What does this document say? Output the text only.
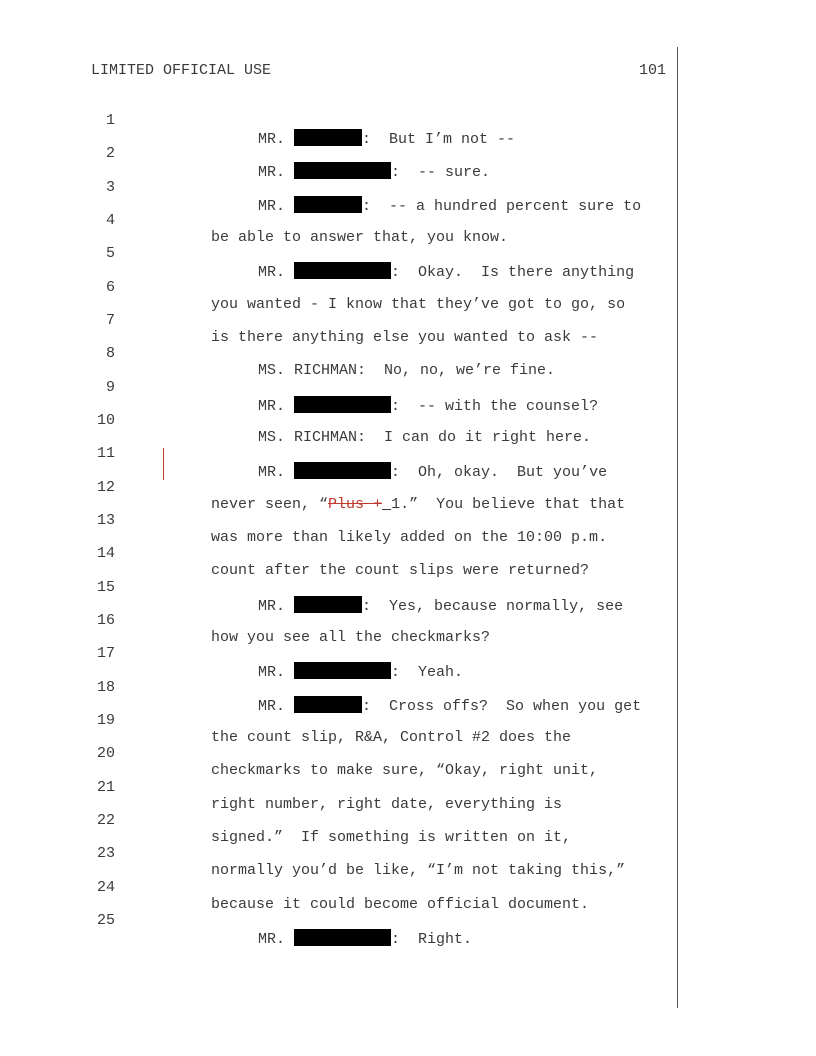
LIMITED OFFICIAL USE	101

1

MR.	:  But I’m not --

2

MR.	:  -- sure.

3

MR.	:  -- a hundred percent sure to

4

be able to answer that, you know.

5

MR.	:  Okay.  Is there anything

6

you wanted - I know that they’ve got to go, so

7

is there anything else you wanted to ask --

8

MS. RICHMAN:  No, no, we’re fine.

9

MR.	:  -- with the counsel?

10

MS. RICHMAN:  I can do it right here.

11

MR.	:  Oh, okay.  But you’ve

12

never seen, “Plus + 1.”  You believe that that

13

was more than likely added on the 10:00 p.m.

14

count after the count slips were returned?

15

MR.	:  Yes, because normally, see

16

how you see all the checkmarks?

17

MR.	:  Yeah.

18

MR.	:  Cross offs?  So when you get

19

the count slip, R&A, Control #2 does the

20

checkmarks to make sure, “Okay, right unit,

21

right number, right date, everything is

22

signed.”  If something is written on it,

23

normally you’d be like, “I’m not taking this,”

24

because it could become official document.

25

MR.	:  Right.
